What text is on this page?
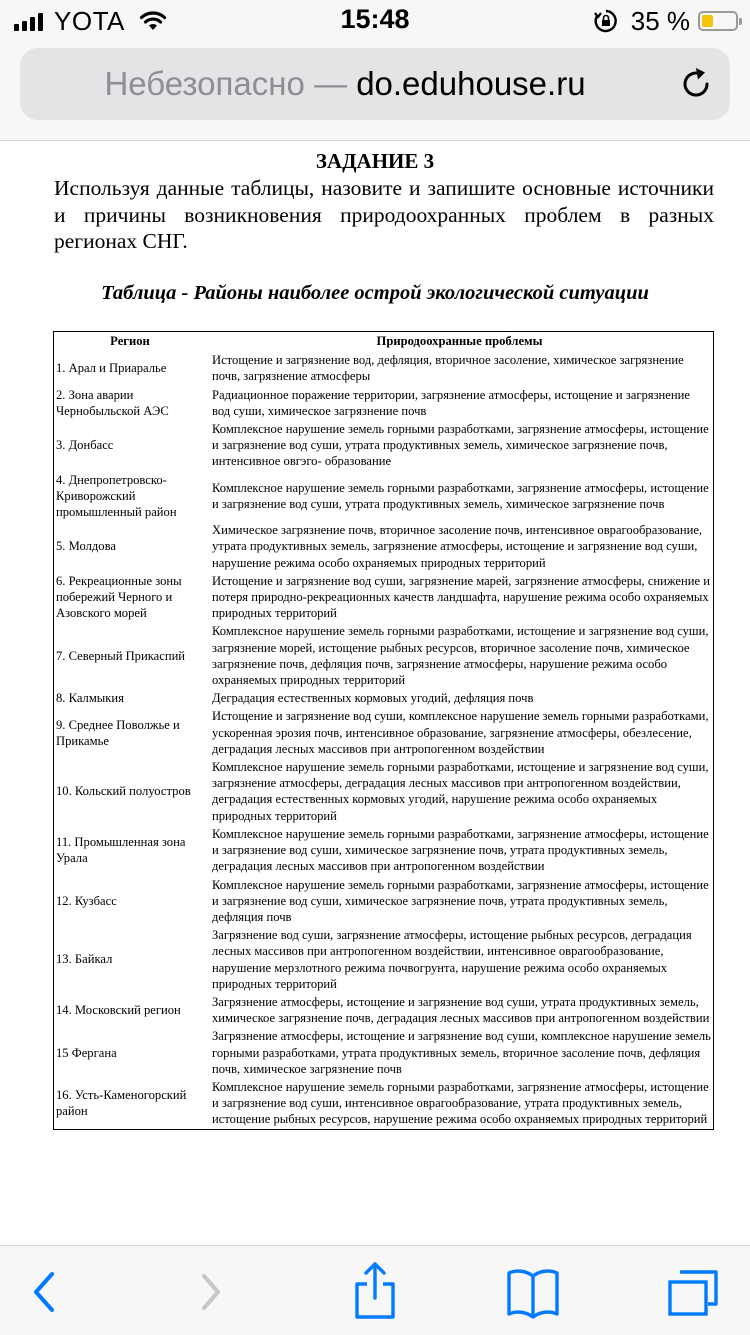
YOTA	15:48	35 %
Небезопасно — do.eduhouse.ru
ЗАДАНИЕ 3
Используя данные таблицы, назовите и запишите основные источники и причины возникновения природоохранных проблем в разных регионах СНГ.
Таблица - Районы наиболее острой экологической ситуации
Регион	Природоохранные проблемы
1. Арал и Приаралье	Истощение и загрязнение вод, дефляция, вторичное засоление, химическое загрязнение почв, загрязнение атмосферы
2. Зона аварии Чернобыльской АЭС	Радиационное поражение территории, загрязнение атмосферы, истощение и загрязнение вод суши, химическое загрязнение почв
3. Донбасс	Комплексное нарушение земель горными разработками, загрязнение атмосферы, истощение и загрязнение вод суши, утрата продуктивных земель, химическое загрязнение почв, интенсивное овгэго- образование
4. Днепропетровско-Криворожский промышленный район	Комплексное нарушение земель горными разработками, загрязнение атмосферы, истощение и загрязнение вод суши, утрата продуктивных земель, химическое загрязнение почв
5. Молдова	Химическое загрязнение почв, вторичное засоление почв, интенсивное оврагообразование, утрата продуктивных земель, загрязнение атмосферы, истощение и загрязнение вод суши, нарушение режима особо охраняемых природных территорий
6. Рекреационные зоны побережий Черного и Азовского морей	Истощение и загрязнение вод суши, загрязнение марей, загрязнение атмосферы, снижение и потеря природно-рекреационных качеств ландшафта, нарушение режима особо охраняемых природных территорий
7. Северный Прикаспий	Комплексное нарушение земель горными разработками, истощение и загрязнение вод суши, загрязнение морей, истощение рыбных ресурсов, вторичное засоление почв, химическое загрязнение почв, дефляция почв, загрязнение атмосферы, нарушение режима особо охраняемых природных территорий
8. Калмыкия	Деградация естественных кормовых угодий, дефляция почв
9. Среднее Поволжье и Прикамье	Истощение и загрязнение вод суши, комплексное нарушение земель горными разработками, ускоренная эрозия почв, интенсивное образование, загрязнение атмосферы, обезлесение, деградация лесных массивов при антропогенном воздействии
10. Кольский полуостров	Комплексное нарушение земель горными разработками, истощение и загрязнение вод суши, загрязнение атмосферы, деградация лесных массивов при антропогенном воздействии, деградация естественных кормовых угодий, нарушение режима особо охраняемых природных территорий
11. Промышленная зона Урала	Комплексное нарушение земель горными разработками, загрязнение атмосферы, истощение и загрязнение вод суши, химическое загрязнение почв, утрата продуктивных земель, деградация лесных массивов при антропогенном воздействии
12. Кузбасс	Комплексное нарушение земель горными разработками, загрязнение атмосферы, истощение и загрязнение вод суши, химическое загрязнение почв, утрата продуктивных земель, дефляция почв
13. Байкал	Загрязнение вод суши, загрязнение атмосферы, истощение рыбных ресурсов, деградация лесных массивов при антропогенном воздействии, интенсивное оврагообразование, нарушение мерзлотного режима почвогрунта, нарушение режима особо охраняемых природных территорий
14. Московский регион	Загрязнение атмосферы, истощение и загрязнение вод суши, утрата продуктивных земель, химическое загрязнение почв, деградация лесных массивов при антропогенном воздействии
15 Фергана	Загрязнение атмосферы, истощение и загрязнение вод суши, комплексное нарушение земель горными разработками, утрата продуктивных земель, вторичное засоление почв, дефляция почв, химическое загрязнение почв
16. Усть-Каменогорский район	Комплексное нарушение земель горными разработками, загрязнение атмосферы, истощение и загрязнение вод суши, интенсивное оврагообразование, утрата продуктивных земель, истощение рыбных ресурсов, нарушение режима особо охраняемых природных территорий
